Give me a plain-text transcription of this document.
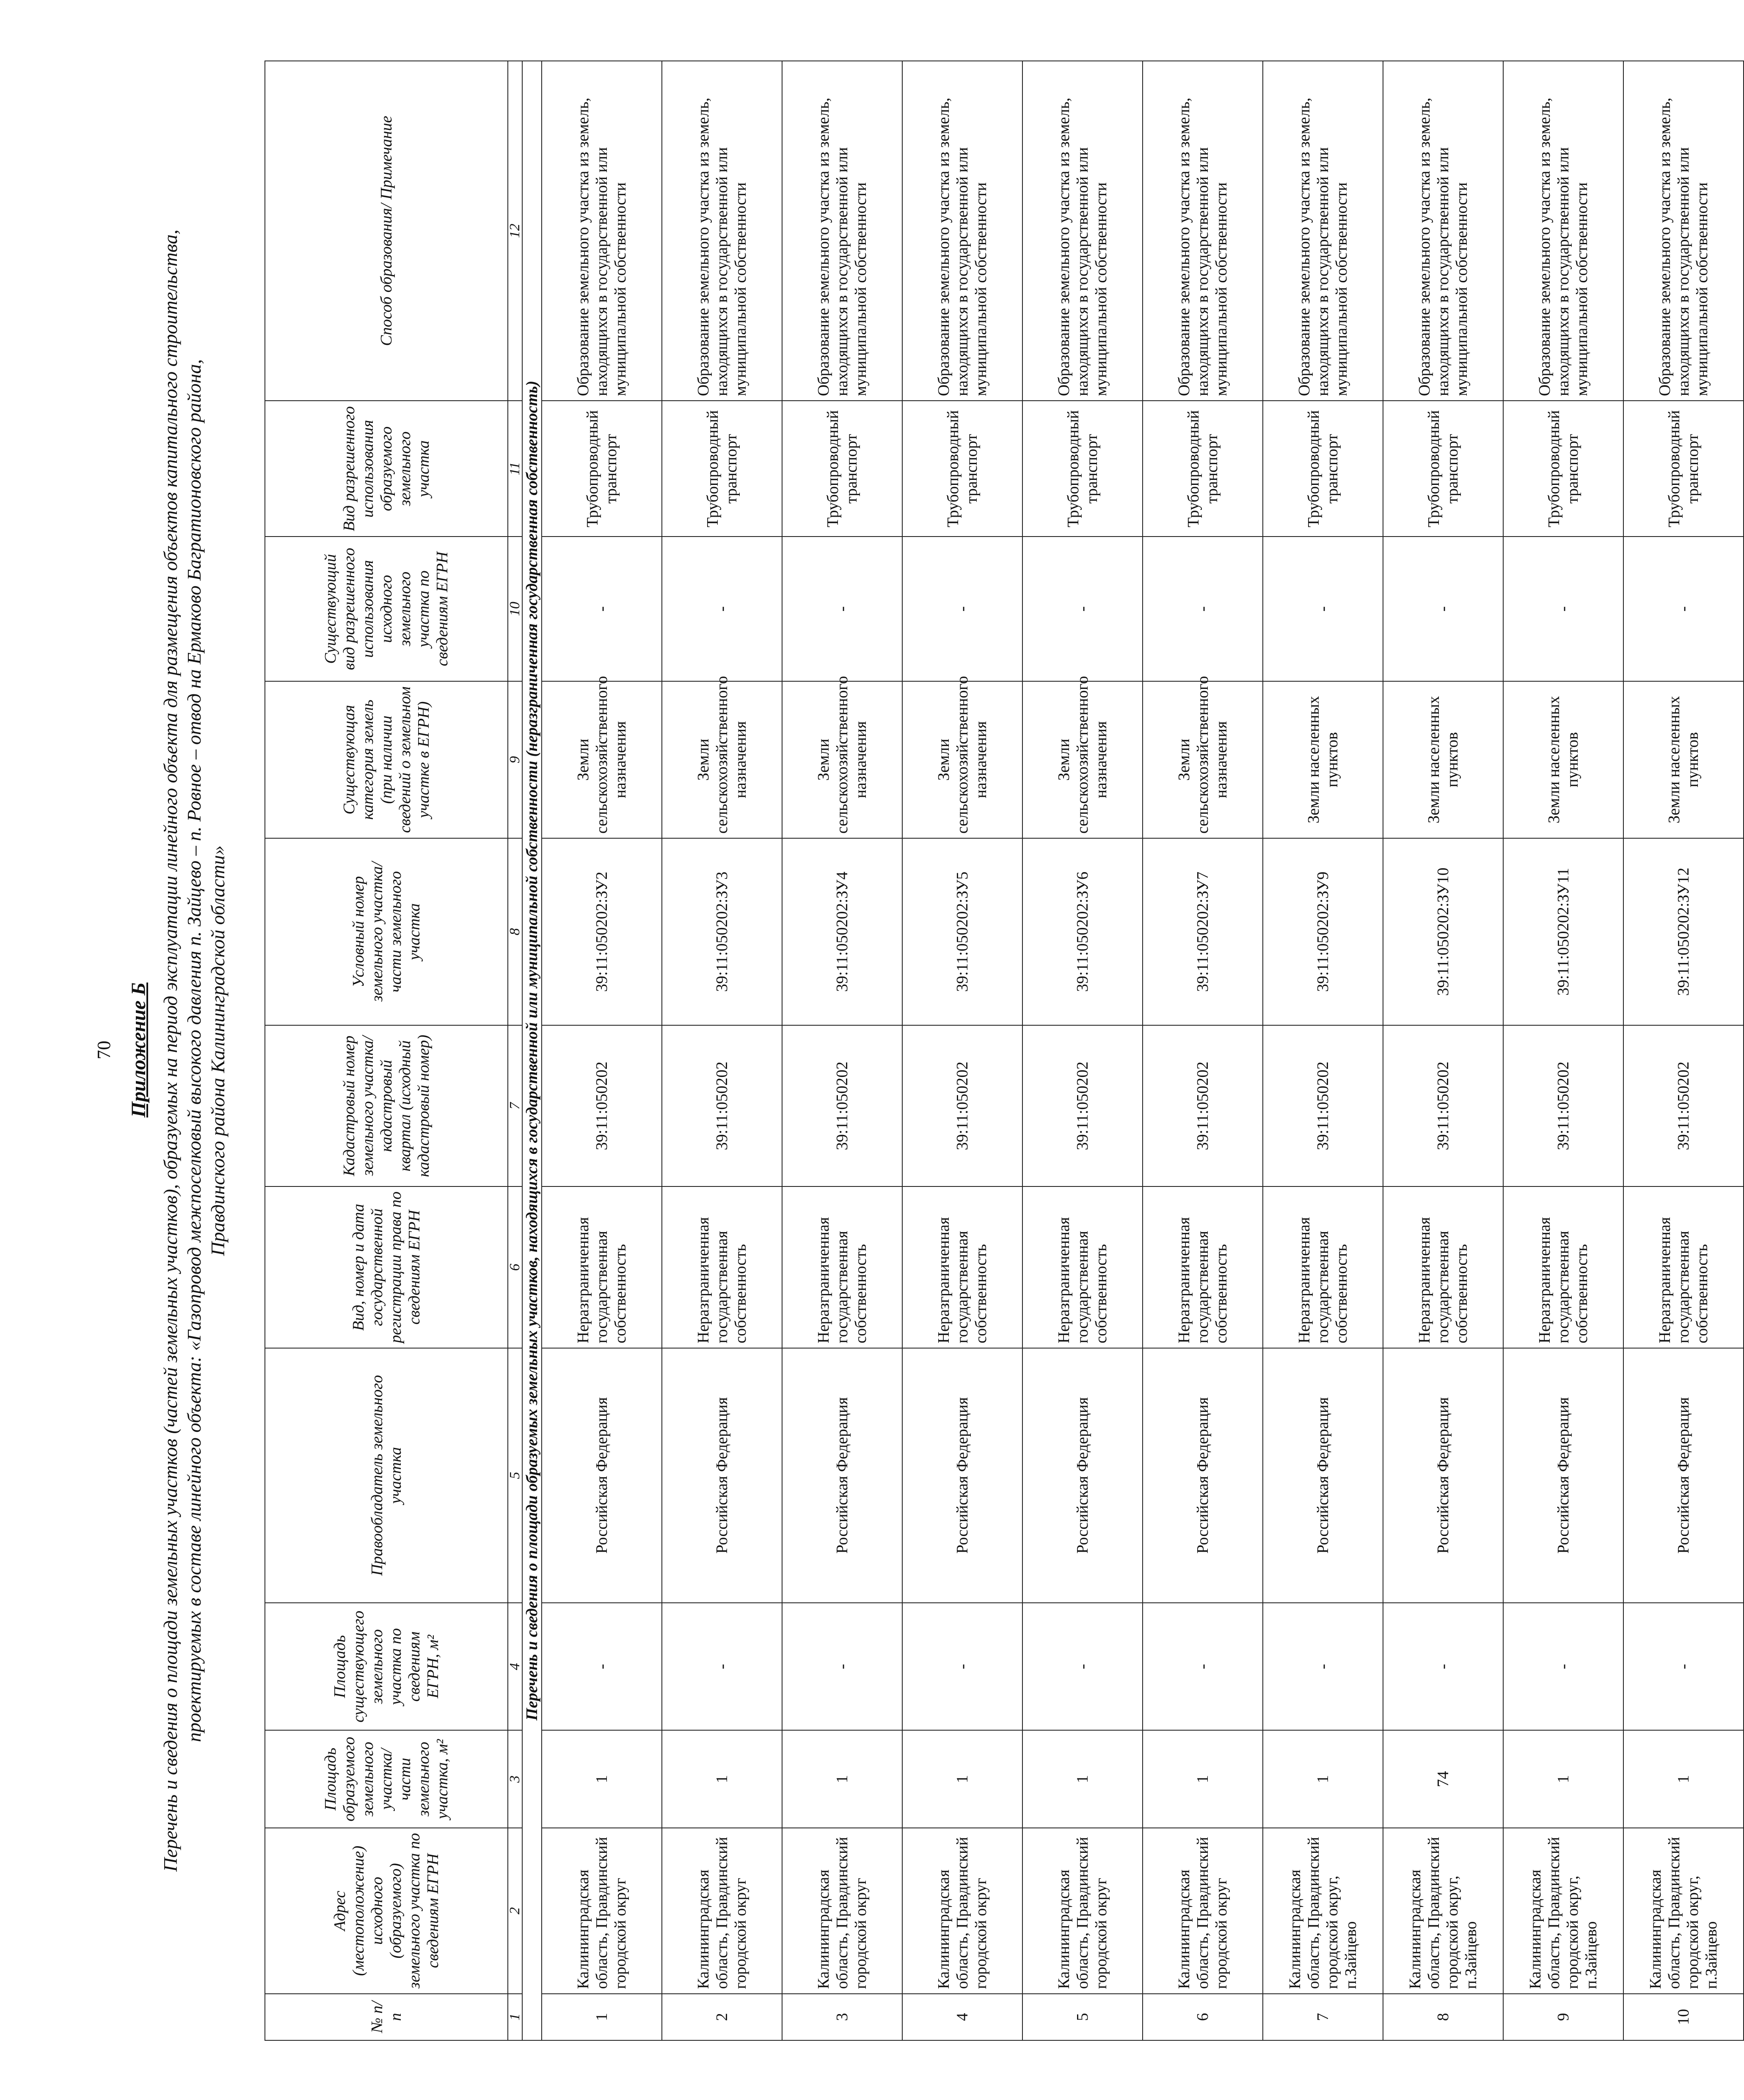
70 Приложение Б Перечень и сведения о площади земельных участков (частей земельных участков), образуемых на период эксплуатации линейного объекта для размещения объектов капитального строительства, проектируемых в составе линейного объекта: «Газопровод межпоселковый высокого давления п. Зайцево – п. Ровное – отвод на Ермаково Багратионовского района, Правдинского района Калининградской области»
№ п/п	Адрес (местоположение) исходного (образуемого) земельного участка по сведениям ЕГРН	Площадь образуемого земельного участка/ части земельного участка, м²	Площадь существующего земельного участка по сведениям ЕГРН, м²	Правообладатель земельного участка	Вид, номер и дата государственной регистрации права по сведениям ЕГРН	Кадастровый номер земельного участка/ кадастровый квартал (исходный кадастровый номер)	Условный номер земельного участка/части земельного участка	Существующая категория земель (при наличии сведений о земельном участке в ЕГРН)	Существующий вид разрешенного использования исходного земельного участка по сведениям ЕГРН	Вид разрешенного использования образуемого земельного участка	Способ образования/ Примечание
1	2	3	4	5	6	7	8	9	10	11	12
Перечень и сведения о площади образуемых земельных участков, находящихся в государственной или муниципальной собственности (неразграниченная государственная собственность)											
1	Калининградская область, Правдинский городской округ	1	-	Российская Федерация	Неразграниченная государственная собственность	39:11:050202	39:11:050202:ЗУ2	Земли сельскохозяйственного назначения	-	Трубопроводный транспорт	Образование земельного участка из земель, находящихся в государственной или муниципальной собственности
2	Калининградская область, Правдинский городской округ	1	-	Российская Федерация	Неразграниченная государственная собственность	39:11:050202	39:11:050202:ЗУ3	Земли сельскохозяйственного назначения	-	Трубопроводный транспорт	Образование земельного участка из земель, находящихся в государственной или муниципальной собственности
3	Калининградская область, Правдинский городской округ	1	-	Российская Федерация	Неразграниченная государственная собственность	39:11:050202	39:11:050202:ЗУ4	Земли сельскохозяйственного назначения	-	Трубопроводный транспорт	Образование земельного участка из земель, находящихся в государственной или муниципальной собственности
4	Калининградская область, Правдинский городской округ	1	-	Российская Федерация	Неразграниченная государственная собственность	39:11:050202	39:11:050202:ЗУ5	Земли сельскохозяйственного назначения	-	Трубопроводный транспорт	Образование земельного участка из земель, находящихся в государственной или муниципальной собственности
5	Калининградская область, Правдинский городской округ	1	-	Российская Федерация	Неразграниченная государственная собственность	39:11:050202	39:11:050202:ЗУ6	Земли сельскохозяйственного назначения	-	Трубопроводный транспорт	Образование земельного участка из земель, находящихся в государственной или муниципальной собственности
6	Калининградская область, Правдинский городской округ	1	-	Российская Федерация	Неразграниченная государственная собственность	39:11:050202	39:11:050202:ЗУ7	Земли сельскохозяйственного назначения	-	Трубопроводный транспорт	Образование земельного участка из земель, находящихся в государственной или муниципальной собственности
7	Калининградская область, Правдинский городской округ, п.Зайцево	1	-	Российская Федерация	Неразграниченная государственная собственность	39:11:050202	39:11:050202:ЗУ9	Земли населенных пунктов	-	Трубопроводный транспорт	Образование земельного участка из земель, находящихся в государственной или муниципальной собственности
8	Калининградская область, Правдинский городской округ, п.Зайцево	74	-	Российская Федерация	Неразграниченная государственная собственность	39:11:050202	39:11:050202:ЗУ10	Земли населенных пунктов	-	Трубопроводный транспорт	Образование земельного участка из земель, находящихся в государственной или муниципальной собственности
9	Калининградская область, Правдинский городской округ, п.Зайцево	1	-	Российская Федерация	Неразграниченная государственная собственность	39:11:050202	39:11:050202:ЗУ11	Земли населенных пунктов	-	Трубопроводный транспорт	Образование земельного участка из земель, находящихся в государственной или муниципальной собственности
10	Калининградская область, Правдинский городской округ, п.Зайцево	1	-	Российская Федерация	Неразграниченная государственная собственность	39:11:050202	39:11:050202:ЗУ12	Земли населенных пунктов	-	Трубопроводный транспорт	Образование земельного участка из земель, находящихся в государственной или муниципальной собственности
